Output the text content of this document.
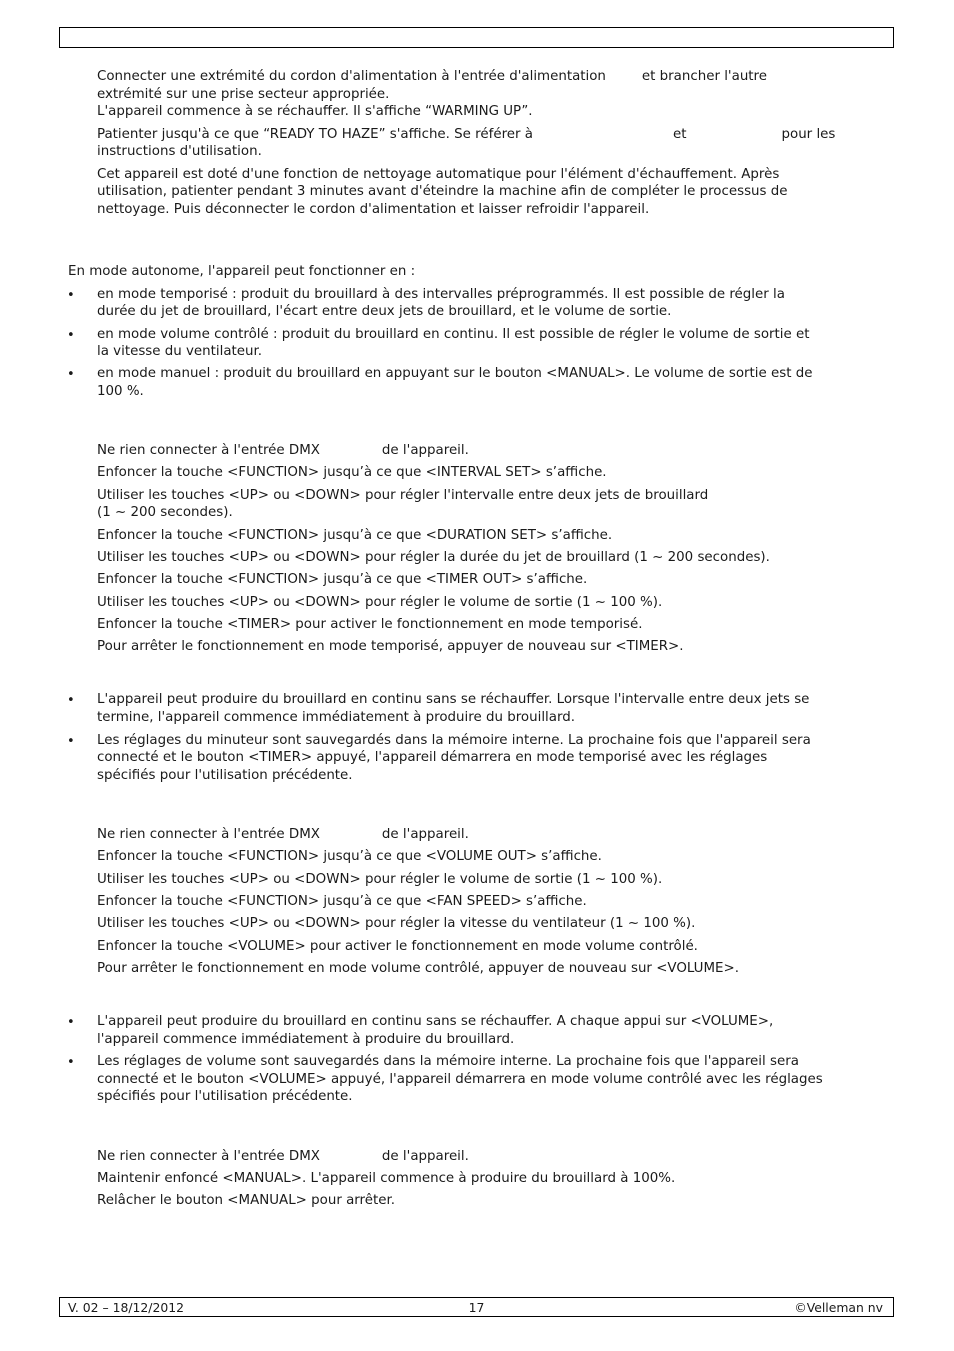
Connecter une extrémité du cordon d'alimentation à l'entrée d'alimentation	et brancher l'autre

extrémité sur une prise secteur appropriée.

L'appareil commence à se réchauffer. Il s'affiche “WARMING UP”.

Patienter jusqu'à ce que “READY TO HAZE” s'affiche. Se référer à	et	pour les

instructions d'utilisation.

Cet appareil est doté d'une fonction de nettoyage automatique pour l'élément d'échauffement. Après

utilisation, patienter pendant 3 minutes avant d'éteindre la machine afin de compléter le processus de

nettoyage. Puis déconnecter le cordon d'alimentation et laisser refroidir l'appareil.

En mode autonome, l'appareil peut fonctionner en :

• en mode temporisé : produit du brouillard à des intervalles préprogrammés. Il est possible de régler la

durée du jet de brouillard, l'écart entre deux jets de brouillard, et le volume de sortie.

• en mode volume contrôlé : produit du brouillard en continu. Il est possible de régler le volume de sortie et

la vitesse du ventilateur.

• en mode manuel : produit du brouillard en appuyant sur le bouton <MANUAL>. Le volume de sortie est de

100 %.

Ne rien connecter à l'entrée DMX	de l'appareil.

Enfoncer la touche <FUNCTION> jusqu’à ce que <INTERVAL SET> s’affiche.

Utiliser les touches <UP> ou <DOWN> pour régler l'intervalle entre deux jets de brouillard

(1 ~ 200 secondes).

Enfoncer la touche <FUNCTION> jusqu’à ce que <DURATION SET> s’affiche.

Utiliser les touches <UP> ou <DOWN> pour régler la durée du jet de brouillard (1 ~ 200 secondes).

Enfoncer la touche <FUNCTION> jusqu’à ce que <TIMER OUT> s’affiche.

Utiliser les touches <UP> ou <DOWN> pour régler le volume de sortie (1 ~ 100 %).

Enfoncer la touche <TIMER> pour activer le fonctionnement en mode temporisé.

Pour arrêter le fonctionnement en mode temporisé, appuyer de nouveau sur <TIMER>.

• L'appareil peut produire du brouillard en continu sans se réchauffer. Lorsque l'intervalle entre deux jets se

termine, l'appareil commence immédiatement à produire du brouillard.

• Les réglages du minuteur sont sauvegardés dans la mémoire interne. La prochaine fois que l'appareil sera

connecté et le bouton <TIMER> appuyé, l'appareil démarrera en mode temporisé avec les réglages

spécifiés pour l'utilisation précédente.

Ne rien connecter à l'entrée DMX	de l'appareil.

Enfoncer la touche <FUNCTION> jusqu’à ce que <VOLUME OUT> s’affiche.

Utiliser les touches <UP> ou <DOWN> pour régler le volume de sortie (1 ~ 100 %).

Enfoncer la touche <FUNCTION> jusqu’à ce que <FAN SPEED> s’affiche.

Utiliser les touches <UP> ou <DOWN> pour régler la vitesse du ventilateur (1 ~ 100 %).

Enfoncer la touche <VOLUME> pour activer le fonctionnement en mode volume contrôlé.

Pour arrêter le fonctionnement en mode volume contrôlé, appuyer de nouveau sur <VOLUME>.

• L'appareil peut produire du brouillard en continu sans se réchauffer. A chaque appui sur <VOLUME>,

l'appareil commence immédiatement à produire du brouillard.

• Les réglages de volume sont sauvegardés dans la mémoire interne. La prochaine fois que l'appareil sera

connecté et le bouton <VOLUME> appuyé, l'appareil démarrera en mode volume contrôlé avec les réglages

spécifiés pour l'utilisation précédente.

Ne rien connecter à l'entrée DMX	de l'appareil.

Maintenir enfoncé <MANUAL>. L'appareil commence à produire du brouillard à 100%.

Relâcher le bouton <MANUAL> pour arrêter.

V. 02 – 18/12/2012	17	©Velleman nv
